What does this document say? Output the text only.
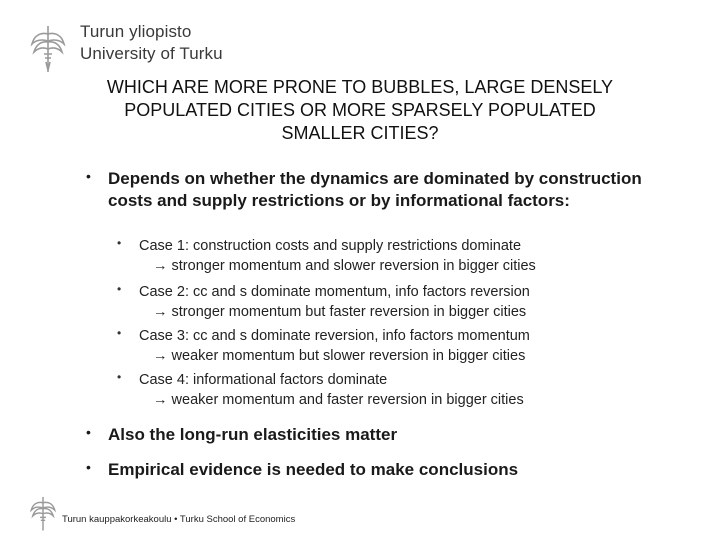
Turun yliopisto
University of Turku
WHICH ARE MORE PRONE TO BUBBLES, LARGE DENSELY
POPULATED CITIES OR MORE SPARSELY POPULATED
SMALLER CITIES?
• Depends on whether the dynamics are dominated by construction costs and supply restrictions or by informational factors:
• Case 1: construction costs and supply restrictions dominate
→ stronger momentum and slower reversion in bigger cities
• Case 2: cc and s dominate momentum, info factors reversion
→ stronger momentum but faster reversion in bigger cities
• Case 3: cc and s dominate reversion, info factors momentum
→ weaker momentum but slower reversion in bigger cities
• Case 4: informational factors dominate
→ weaker momentum and faster reversion in bigger cities
• Also the long-run elasticities matter
• Empirical evidence is needed to make conclusions
Turun kauppakorkeakoulu • Turku School of Economics
